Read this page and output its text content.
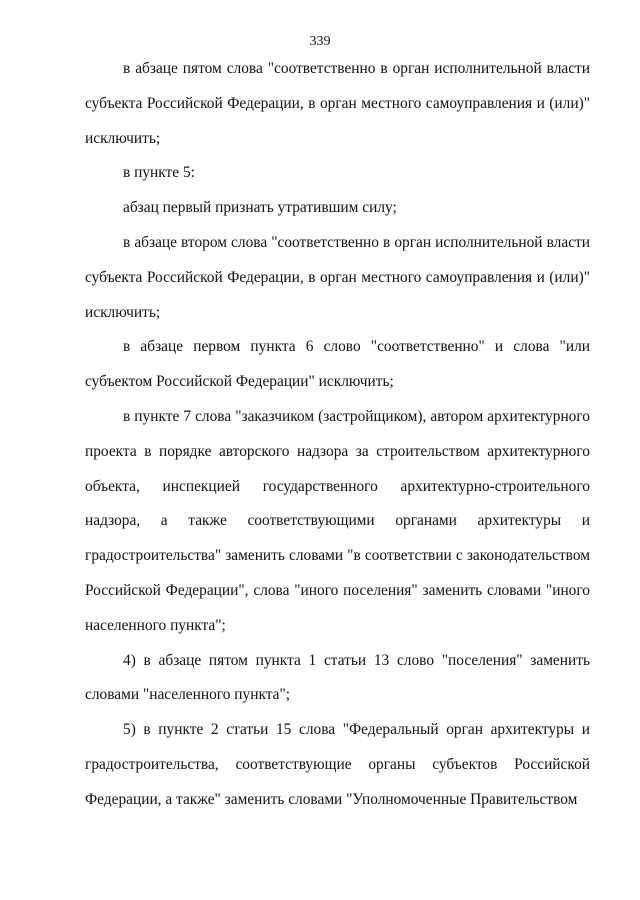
339

в абзаце пятом слова "соответственно в орган исполнительной власти субъекта Российской Федерации, в орган местного самоуправления и (или)" исключить;

в пункте 5:

абзац первый признать утратившим силу;

в абзаце втором слова "соответственно в орган исполнительной власти субъекта Российской Федерации, в орган местного самоуправления и (или)" исключить;

в абзаце первом пункта 6 слово "соответственно" и слова "или субъектом Российской Федерации" исключить;

в пункте 7 слова "заказчиком (застройщиком), автором архитектурного проекта в порядке авторского надзора за строительством архитектурного объекта, инспекцией государственного архитектурно-строительного надзора, а также соответствующими органами архитектуры и градостроительства" заменить словами "в соответствии с законодательством Российской Федерации", слова "иного поселения" заменить словами "иного населенного пункта";

4) в абзаце пятом пункта 1 статьи 13 слово "поселения" заменить словами "населенного пункта";

5) в пункте 2 статьи 15 слова "Федеральный орган архитектуры и градостроительства, соответствующие органы субъектов Российской Федерации, а также" заменить словами "Уполномоченные Правительством
